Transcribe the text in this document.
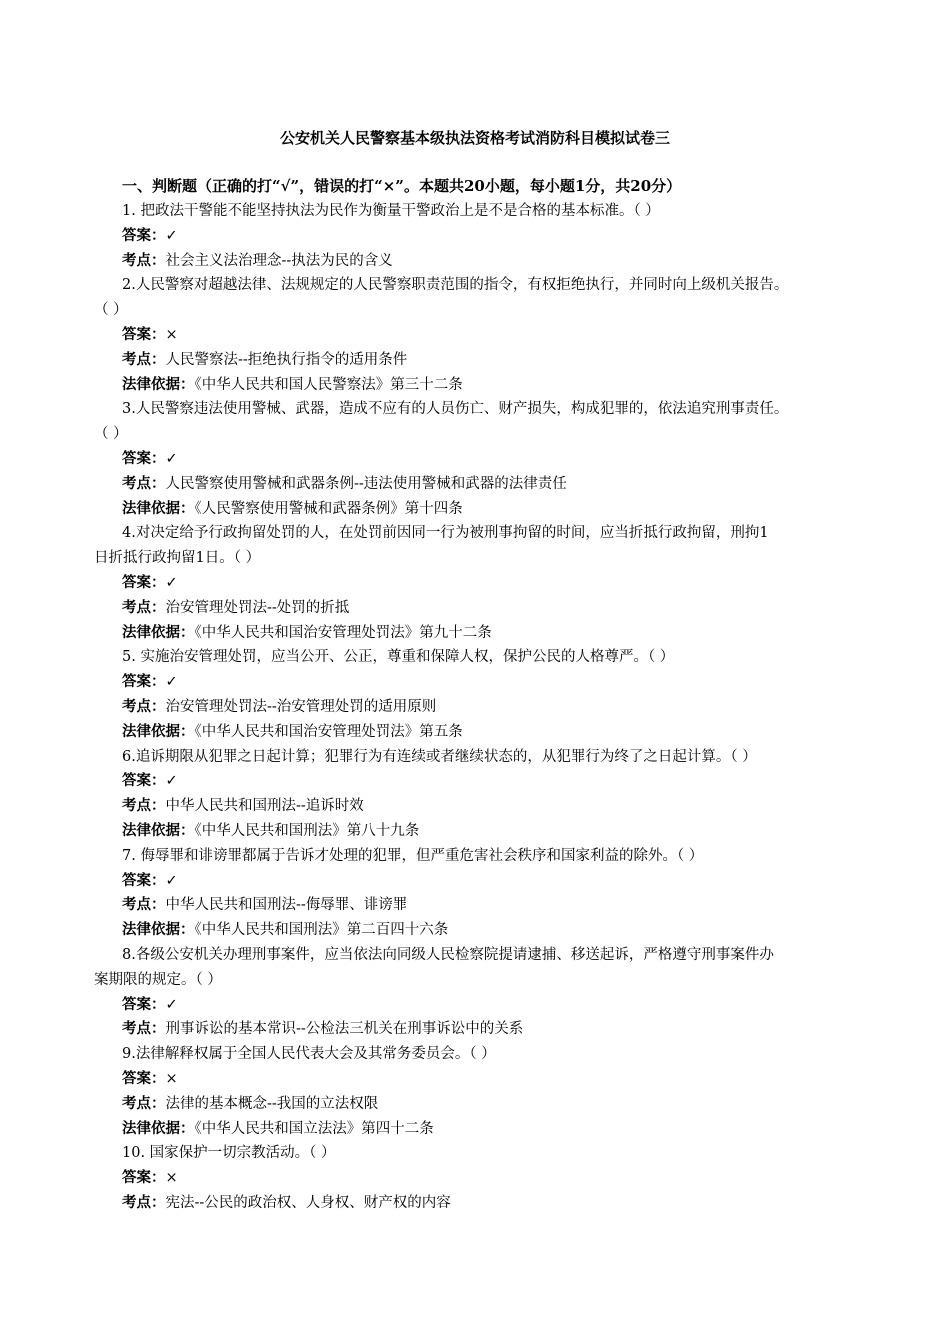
公安机关人民警察基本级执法资格考试消防科目模拟试卷三
一、判断题（正确的打“√”，错误的打“×”。本题共20小题，每小题1分，共20分）
1. 把政法干警能不能坚持执法为民作为衡量干警政治上是不是合格的基本标准。（ ）
答案：✓
考点：社会主义法治理念--执法为民的含义
2.人民警察对超越法律、法规规定的人民警察职责范围的指令，有权拒绝执行，并同时向上级机关报告。
（ ）
答案：×
考点：人民警察法--拒绝执行指令的适用条件
法律依据：《中华人民共和国人民警察法》第三十二条
3.人民警察违法使用警械、武器，造成不应有的人员伤亡、财产损失，构成犯罪的，依法追究刑事责任。
（ ）
答案：✓
考点：人民警察使用警械和武器条例--违法使用警械和武器的法律责任
法律依据：《人民警察使用警械和武器条例》第十四条
4.对决定给予行政拘留处罚的人，在处罚前因同一行为被刑事拘留的时间，应当折抵行政拘留，刑拘1
日折抵行政拘留1日。（ ）
答案：✓
考点：治安管理处罚法--处罚的折抵
法律依据：《中华人民共和国治安管理处罚法》第九十二条
5. 实施治安管理处罚，应当公开、公正，尊重和保障人权，保护公民的人格尊严。（ ）
答案：✓
考点：治安管理处罚法--治安管理处罚的适用原则
法律依据：《中华人民共和国治安管理处罚法》第五条
6.追诉期限从犯罪之日起计算；犯罪行为有连续或者继续状态的，从犯罪行为终了之日起计算。（ ）
答案：✓
考点：中华人民共和国刑法--追诉时效
法律依据：《中华人民共和国刑法》第八十九条
7. 侮辱罪和诽谤罪都属于告诉才处理的犯罪，但严重危害社会秩序和国家利益的除外。（ ）
答案：✓
考点：中华人民共和国刑法--侮辱罪、诽谤罪
法律依据：《中华人民共和国刑法》第二百四十六条
8.各级公安机关办理刑事案件，应当依法向同级人民检察院提请逮捕、移送起诉，严格遵守刑事案件办
案期限的规定。（ ）
答案：✓
考点：刑事诉讼的基本常识--公检法三机关在刑事诉讼中的关系
9.法律解释权属于全国人民代表大会及其常务委员会。（ ）
答案：×
考点：法律的基本概念--我国的立法权限
法律依据：《中华人民共和国立法法》第四十二条
10. 国家保护一切宗教活动。（ ）
答案：×
考点：宪法--公民的政治权、人身权、财产权的内容
